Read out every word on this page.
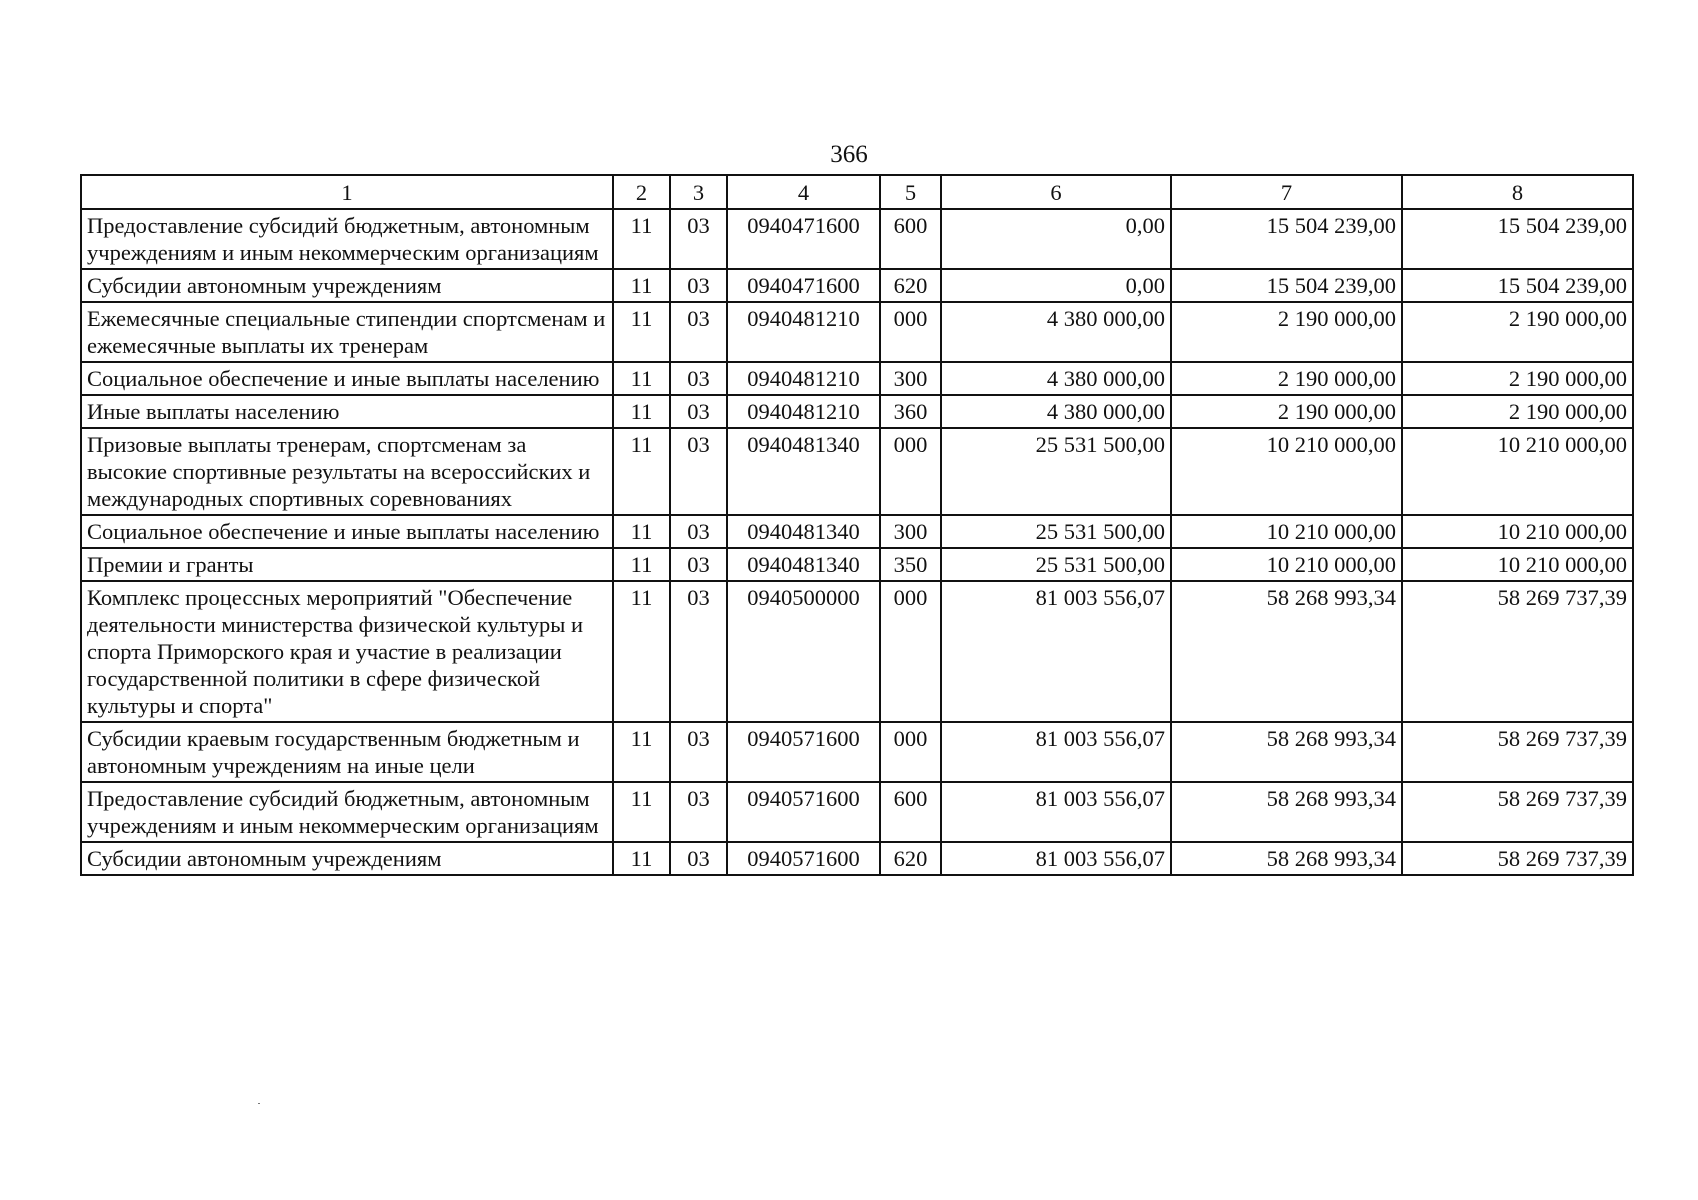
366
1	2	3	4	5	6	7	8
Предоставление субсидий бюджетным, автономным учреждениям и иным некоммерческим организациям	11	03	0940471600	600	0,00	15 504 239,00	15 504 239,00
Субсидии автономным учреждениям	11	03	0940471600	620	0,00	15 504 239,00	15 504 239,00
Ежемесячные специальные стипендии спортсменам и ежемесячные выплаты их тренерам	11	03	0940481210	000	4 380 000,00	2 190 000,00	2 190 000,00
Социальное обеспечение и иные выплаты населению	11	03	0940481210	300	4 380 000,00	2 190 000,00	2 190 000,00
Иные выплаты населению	11	03	0940481210	360	4 380 000,00	2 190 000,00	2 190 000,00
Призовые выплаты тренерам, спортсменам за высокие спортивные результаты на всероссийских и международных спортивных соревнованиях	11	03	0940481340	000	25 531 500,00	10 210 000,00	10 210 000,00
Социальное обеспечение и иные выплаты населению	11	03	0940481340	300	25 531 500,00	10 210 000,00	10 210 000,00
Премии и гранты	11	03	0940481340	350	25 531 500,00	10 210 000,00	10 210 000,00
Комплекс процессных мероприятий "Обеспечение деятельности министерства физической культуры и спорта Приморского края и участие в реализации государственной политики в сфере физической культуры и спорта"	11	03	0940500000	000	81 003 556,07	58 268 993,34	58 269 737,39
Субсидии краевым государственным бюджетным и автономным учреждениям на иные цели	11	03	0940571600	000	81 003 556,07	58 268 993,34	58 269 737,39
Предоставление субсидий бюджетным, автономным учреждениям и иным некоммерческим организациям	11	03	0940571600	600	81 003 556,07	58 268 993,34	58 269 737,39
Субсидии автономным учреждениям	11	03	0940571600	620	81 003 556,07	58 268 993,34	58 269 737,39
